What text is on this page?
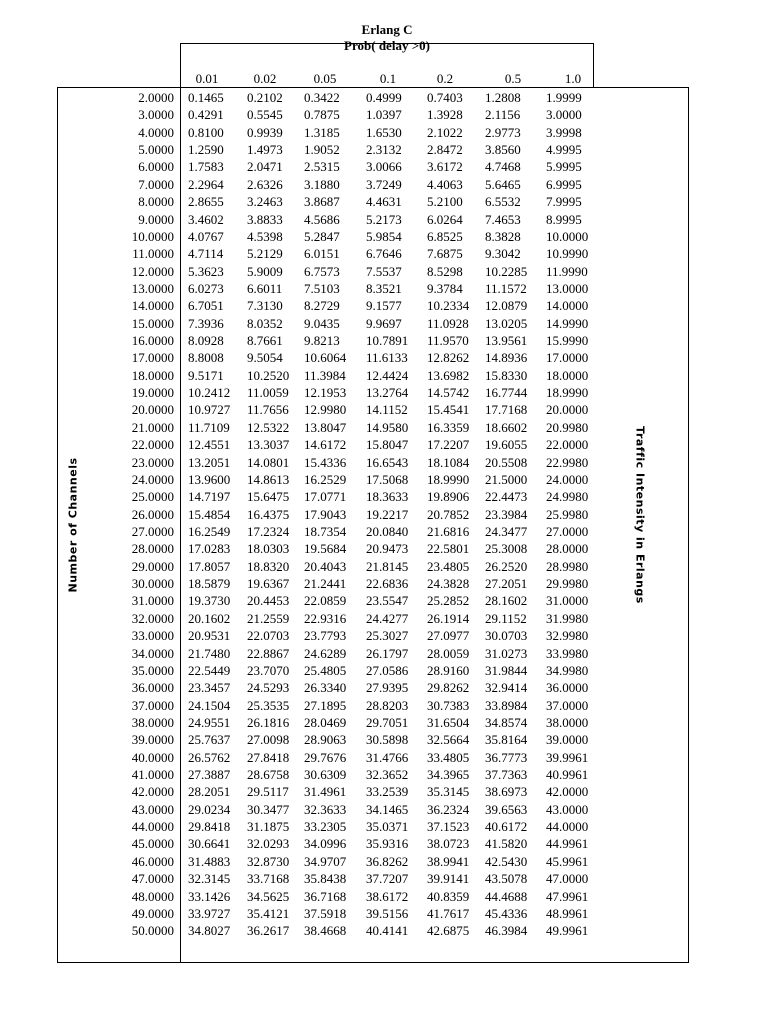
Erlang C
Prob( delay >0)
0.01	0.02	0.05	0.1	0.2	0.5	1.0
Number of Channels	Traffic Intensity in Erlangs
2.0000 0.1465 0.2102 0.3422 0.4999 0.7403 1.2808 1.9999
3.0000 0.4291 0.5545 0.7875 1.0397 1.3928 2.1156 3.0000
4.0000 0.8100 0.9939 1.3185 1.6530 2.1022 2.9773 3.9998
5.0000 1.2590 1.4973 1.9052 2.3132 2.8472 3.8560 4.9995
6.0000 1.7583 2.0471 2.5315 3.0066 3.6172 4.7468 5.9995
7.0000 2.2964 2.6326 3.1880 3.7249 4.4063 5.6465 6.9995
8.0000 2.8655 3.2463 3.8687 4.4631 5.2100 6.5532 7.9995
9.0000 3.4602 3.8833 4.5686 5.2173 6.0264 7.4653 8.9995
10.0000 4.0767 4.5398 5.2847 5.9854 6.8525 8.3828 10.0000
11.0000 4.7114 5.2129 6.0151 6.7646 7.6875 9.3042 10.9990
12.0000 5.3623 5.9009 6.7573 7.5537 8.5298 10.2285 11.9990
13.0000 6.0273 6.6011 7.5103 8.3521 9.3784 11.1572 13.0000
14.0000 6.7051 7.3130 8.2729 9.1577 10.2334 12.0879 14.0000
15.0000 7.3936 8.0352 9.0435 9.9697 11.0928 13.0205 14.9990
16.0000 8.0928 8.7661 9.8213 10.7891 11.9570 13.9561 15.9990
17.0000 8.8008 9.5054 10.6064 11.6133 12.8262 14.8936 17.0000
18.0000 9.5171 10.2520 11.3984 12.4424 13.6982 15.8330 18.0000
19.0000 10.2412 11.0059 12.1953 13.2764 14.5742 16.7744 18.9990
20.0000 10.9727 11.7656 12.9980 14.1152 15.4541 17.7168 20.0000
21.0000 11.7109 12.5322 13.8047 14.9580 16.3359 18.6602 20.9980
22.0000 12.4551 13.3037 14.6172 15.8047 17.2207 19.6055 22.0000
23.0000 13.2051 14.0801 15.4336 16.6543 18.1084 20.5508 22.9980
24.0000 13.9600 14.8613 16.2529 17.5068 18.9990 21.5000 24.0000
25.0000 14.7197 15.6475 17.0771 18.3633 19.8906 22.4473 24.9980
26.0000 15.4854 16.4375 17.9043 19.2217 20.7852 23.3984 25.9980
27.0000 16.2549 17.2324 18.7354 20.0840 21.6816 24.3477 27.0000
28.0000 17.0283 18.0303 19.5684 20.9473 22.5801 25.3008 28.0000
29.0000 17.8057 18.8320 20.4043 21.8145 23.4805 26.2520 28.9980
30.0000 18.5879 19.6367 21.2441 22.6836 24.3828 27.2051 29.9980
31.0000 19.3730 20.4453 22.0859 23.5547 25.2852 28.1602 31.0000
32.0000 20.1602 21.2559 22.9316 24.4277 26.1914 29.1152 31.9980
33.0000 20.9531 22.0703 23.7793 25.3027 27.0977 30.0703 32.9980
34.0000 21.7480 22.8867 24.6289 26.1797 28.0059 31.0273 33.9980
35.0000 22.5449 23.7070 25.4805 27.0586 28.9160 31.9844 34.9980
36.0000 23.3457 24.5293 26.3340 27.9395 29.8262 32.9414 36.0000
37.0000 24.1504 25.3535 27.1895 28.8203 30.7383 33.8984 37.0000
38.0000 24.9551 26.1816 28.0469 29.7051 31.6504 34.8574 38.0000
39.0000 25.7637 27.0098 28.9063 30.5898 32.5664 35.8164 39.0000
40.0000 26.5762 27.8418 29.7676 31.4766 33.4805 36.7773 39.9961
41.0000 27.3887 28.6758 30.6309 32.3652 34.3965 37.7363 40.9961
42.0000 28.2051 29.5117 31.4961 33.2539 35.3145 38.6973 42.0000
43.0000 29.0234 30.3477 32.3633 34.1465 36.2324 39.6563 43.0000
44.0000 29.8418 31.1875 33.2305 35.0371 37.1523 40.6172 44.0000
45.0000 30.6641 32.0293 34.0996 35.9316 38.0723 41.5820 44.9961
46.0000 31.4883 32.8730 34.9707 36.8262 38.9941 42.5430 45.9961
47.0000 32.3145 33.7168 35.8438 37.7207 39.9141 43.5078 47.0000
48.0000 33.1426 34.5625 36.7168 38.6172 40.8359 44.4688 47.9961
49.0000 33.9727 35.4121 37.5918 39.5156 41.7617 45.4336 48.9961
50.0000 34.8027 36.2617 38.4668 40.4141 42.6875 46.3984 49.9961
